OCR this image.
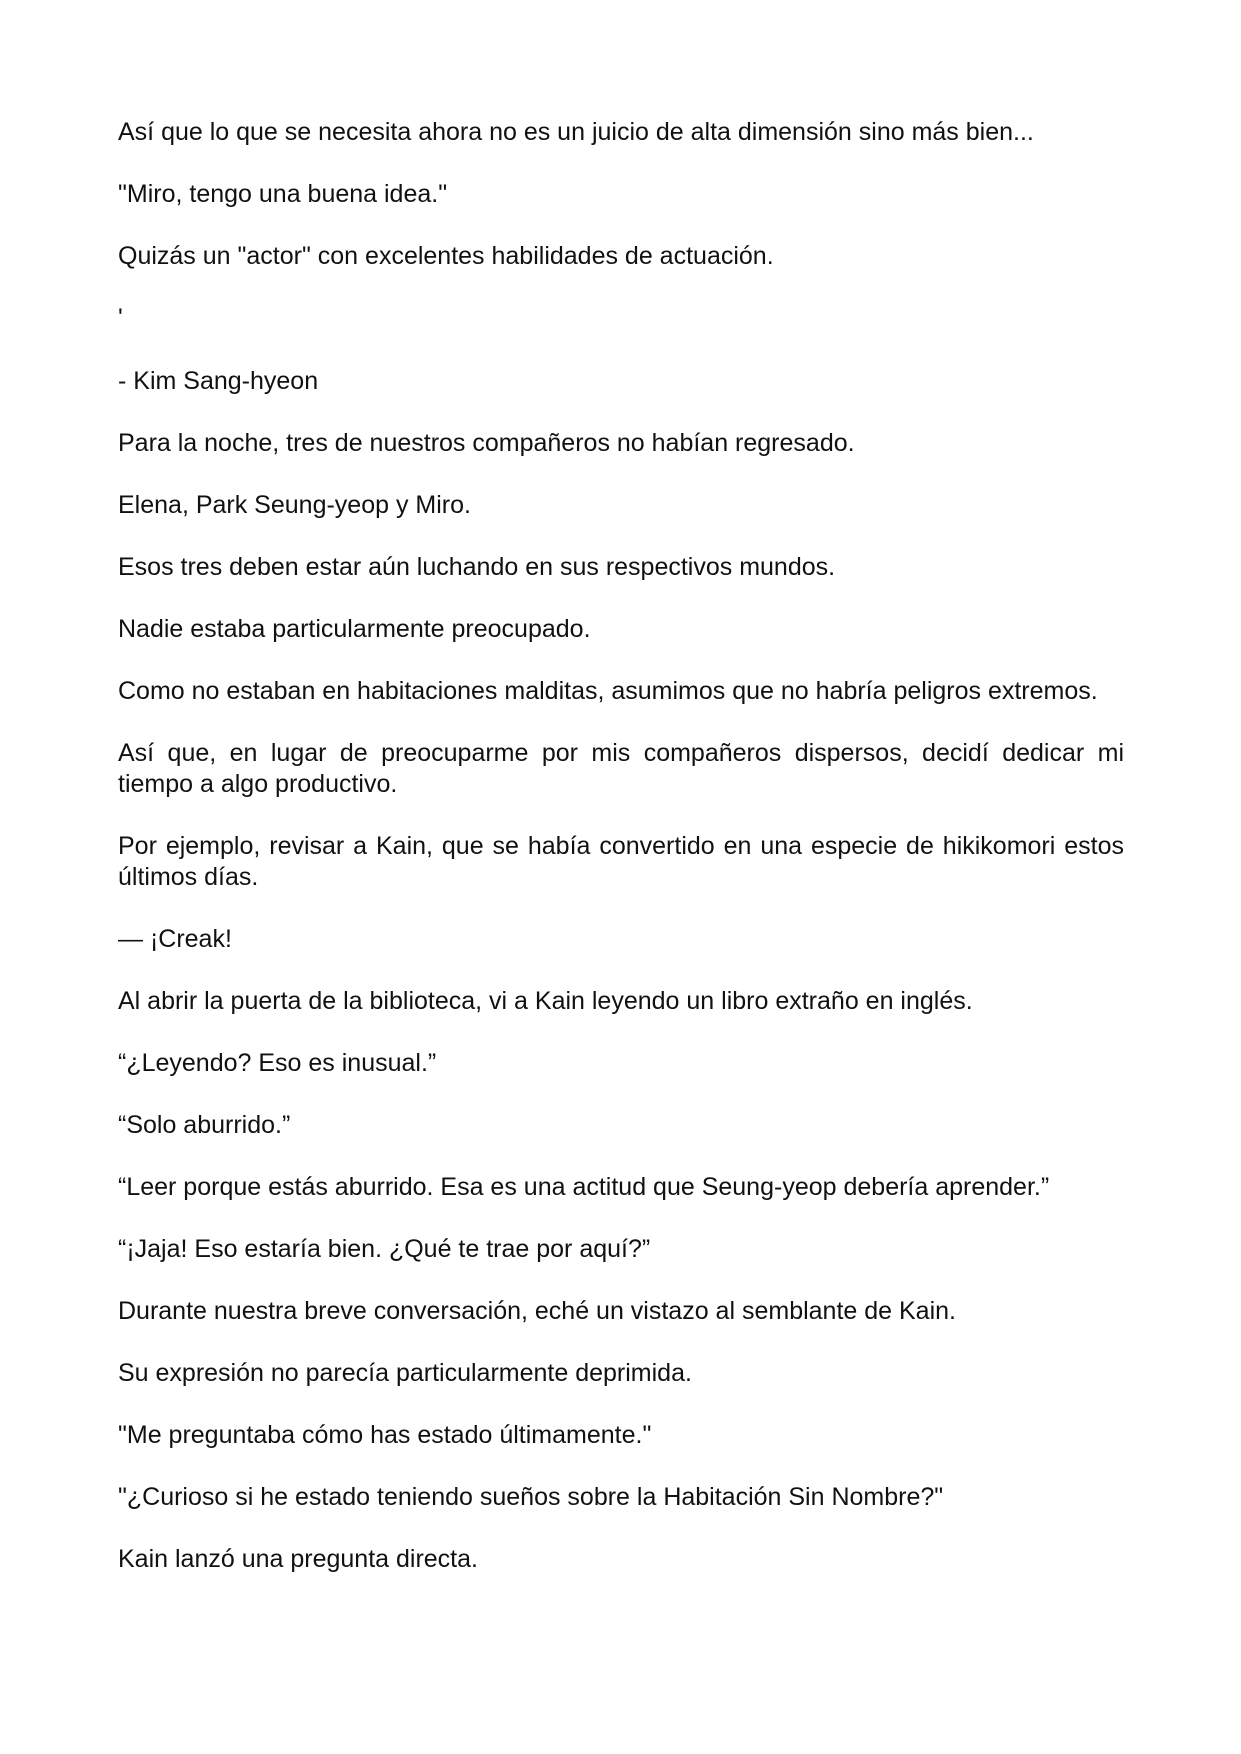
Así que lo que se necesita ahora no es un juicio de alta dimensión sino más bien...

"Miro, tengo una buena idea."

Quizás un "actor" con excelentes habilidades de actuación.

'

- Kim Sang-hyeon

Para la noche, tres de nuestros compañeros no habían regresado.

Elena, Park Seung-yeop y Miro.

Esos tres deben estar aún luchando en sus respectivos mundos.

Nadie estaba particularmente preocupado.

Como no estaban en habitaciones malditas, asumimos que no habría peligros extremos.

Así que, en lugar de preocuparme por mis compañeros dispersos, decidí dedicar mi tiempo a algo productivo.

Por ejemplo, revisar a Kain, que se había convertido en una especie de hikikomori estos últimos días.

— ¡Creak!

Al abrir la puerta de la biblioteca, vi a Kain leyendo un libro extraño en inglés.

“¿Leyendo? Eso es inusual.”

“Solo aburrido.”

“Leer porque estás aburrido. Esa es una actitud que Seung-yeop debería aprender.”

“¡Jaja! Eso estaría bien. ¿Qué te trae por aquí?”

Durante nuestra breve conversación, eché un vistazo al semblante de Kain.

Su expresión no parecía particularmente deprimida.

"Me preguntaba cómo has estado últimamente."

"¿Curioso si he estado teniendo sueños sobre la Habitación Sin Nombre?"

Kain lanzó una pregunta directa.
